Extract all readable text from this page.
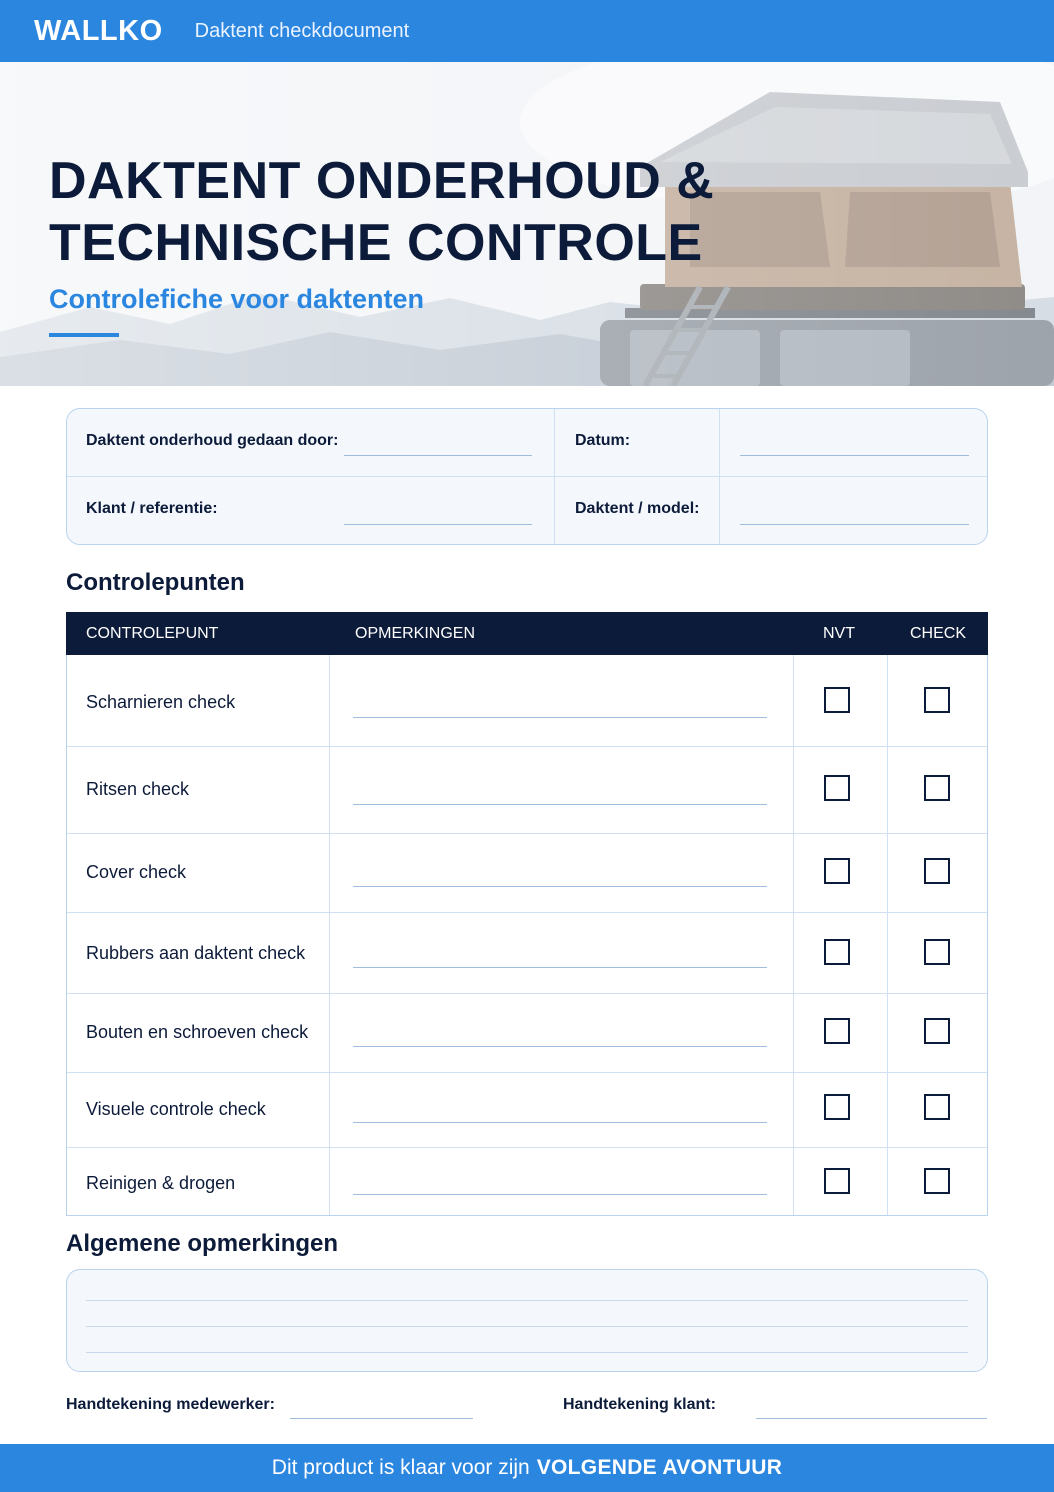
WALLKO Daktent checkdocument
DAKTENT ONDERHOUD &
TECHNISCHE CONTROLE

Controlefiche voor daktenten

Daktent onderhoud gedaan door:	Datum:
Klant / referentie:	Daktent / model:
Controlepunten
CONTROLEPUNT	OPMERKINGEN	NVT	CHECK
Scharnieren check
Ritsen check
Cover check
Rubbers aan daktent check
Bouten en schroeven check
Visuele controle check
Reinigen & drogen
Algemene opmerkingen
Handtekening medewerker:	Handtekening klant:
Dit product is klaar voor zijn VOLGENDE AVONTUUR
